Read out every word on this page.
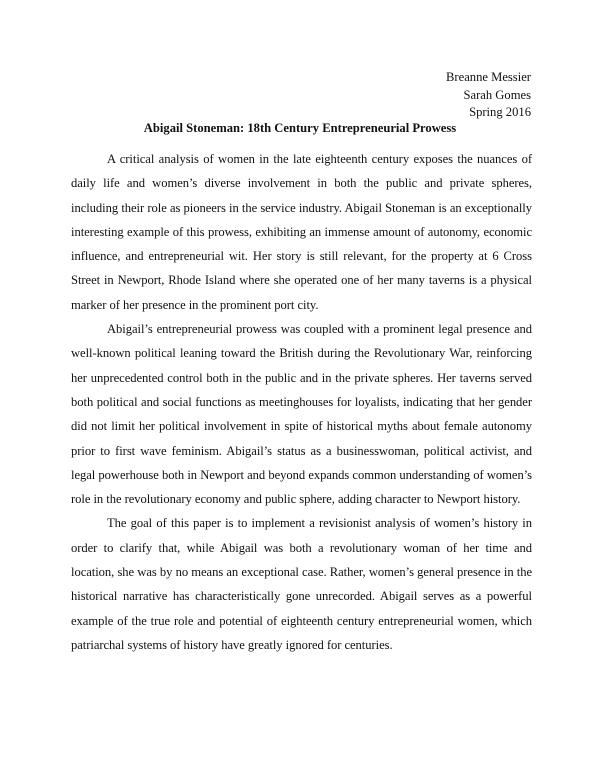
Breanne Messier
Sarah Gomes
Spring 2016
Abigail Stoneman: 18th Century Entrepreneurial Prowess

A critical analysis of women in the late eighteenth century exposes the nuances of daily life and women’s diverse involvement in both the public and private spheres, including their role as pioneers in the service industry. Abigail Stoneman is an exceptionally interesting example of this prowess, exhibiting an immense amount of autonomy, economic influence, and entrepreneurial wit. Her story is still relevant, for the property at 6 Cross Street in Newport, Rhode Island where she operated one of her many taverns is a physical marker of her presence in the prominent port city.

Abigail’s entrepreneurial prowess was coupled with a prominent legal presence and well-known political leaning toward the British during the Revolutionary War, reinforcing her unprecedented control both in the public and in the private spheres. Her taverns served both political and social functions as meetinghouses for loyalists, indicating that her gender did not limit her political involvement in spite of historical myths about female autonomy prior to first wave feminism. Abigail’s status as a businesswoman, political activist, and legal powerhouse both in Newport and beyond expands common understanding of women’s role in the revolutionary economy and public sphere, adding character to Newport history.

The goal of this paper is to implement a revisionist analysis of women’s history in order to clarify that, while Abigail was both a revolutionary woman of her time and location, she was by no means an exceptional case. Rather, women’s general presence in the historical narrative has characteristically gone unrecorded. Abigail serves as a powerful example of the true role and potential of eighteenth century entrepreneurial women, which patriarchal systems of history have greatly ignored for centuries.
